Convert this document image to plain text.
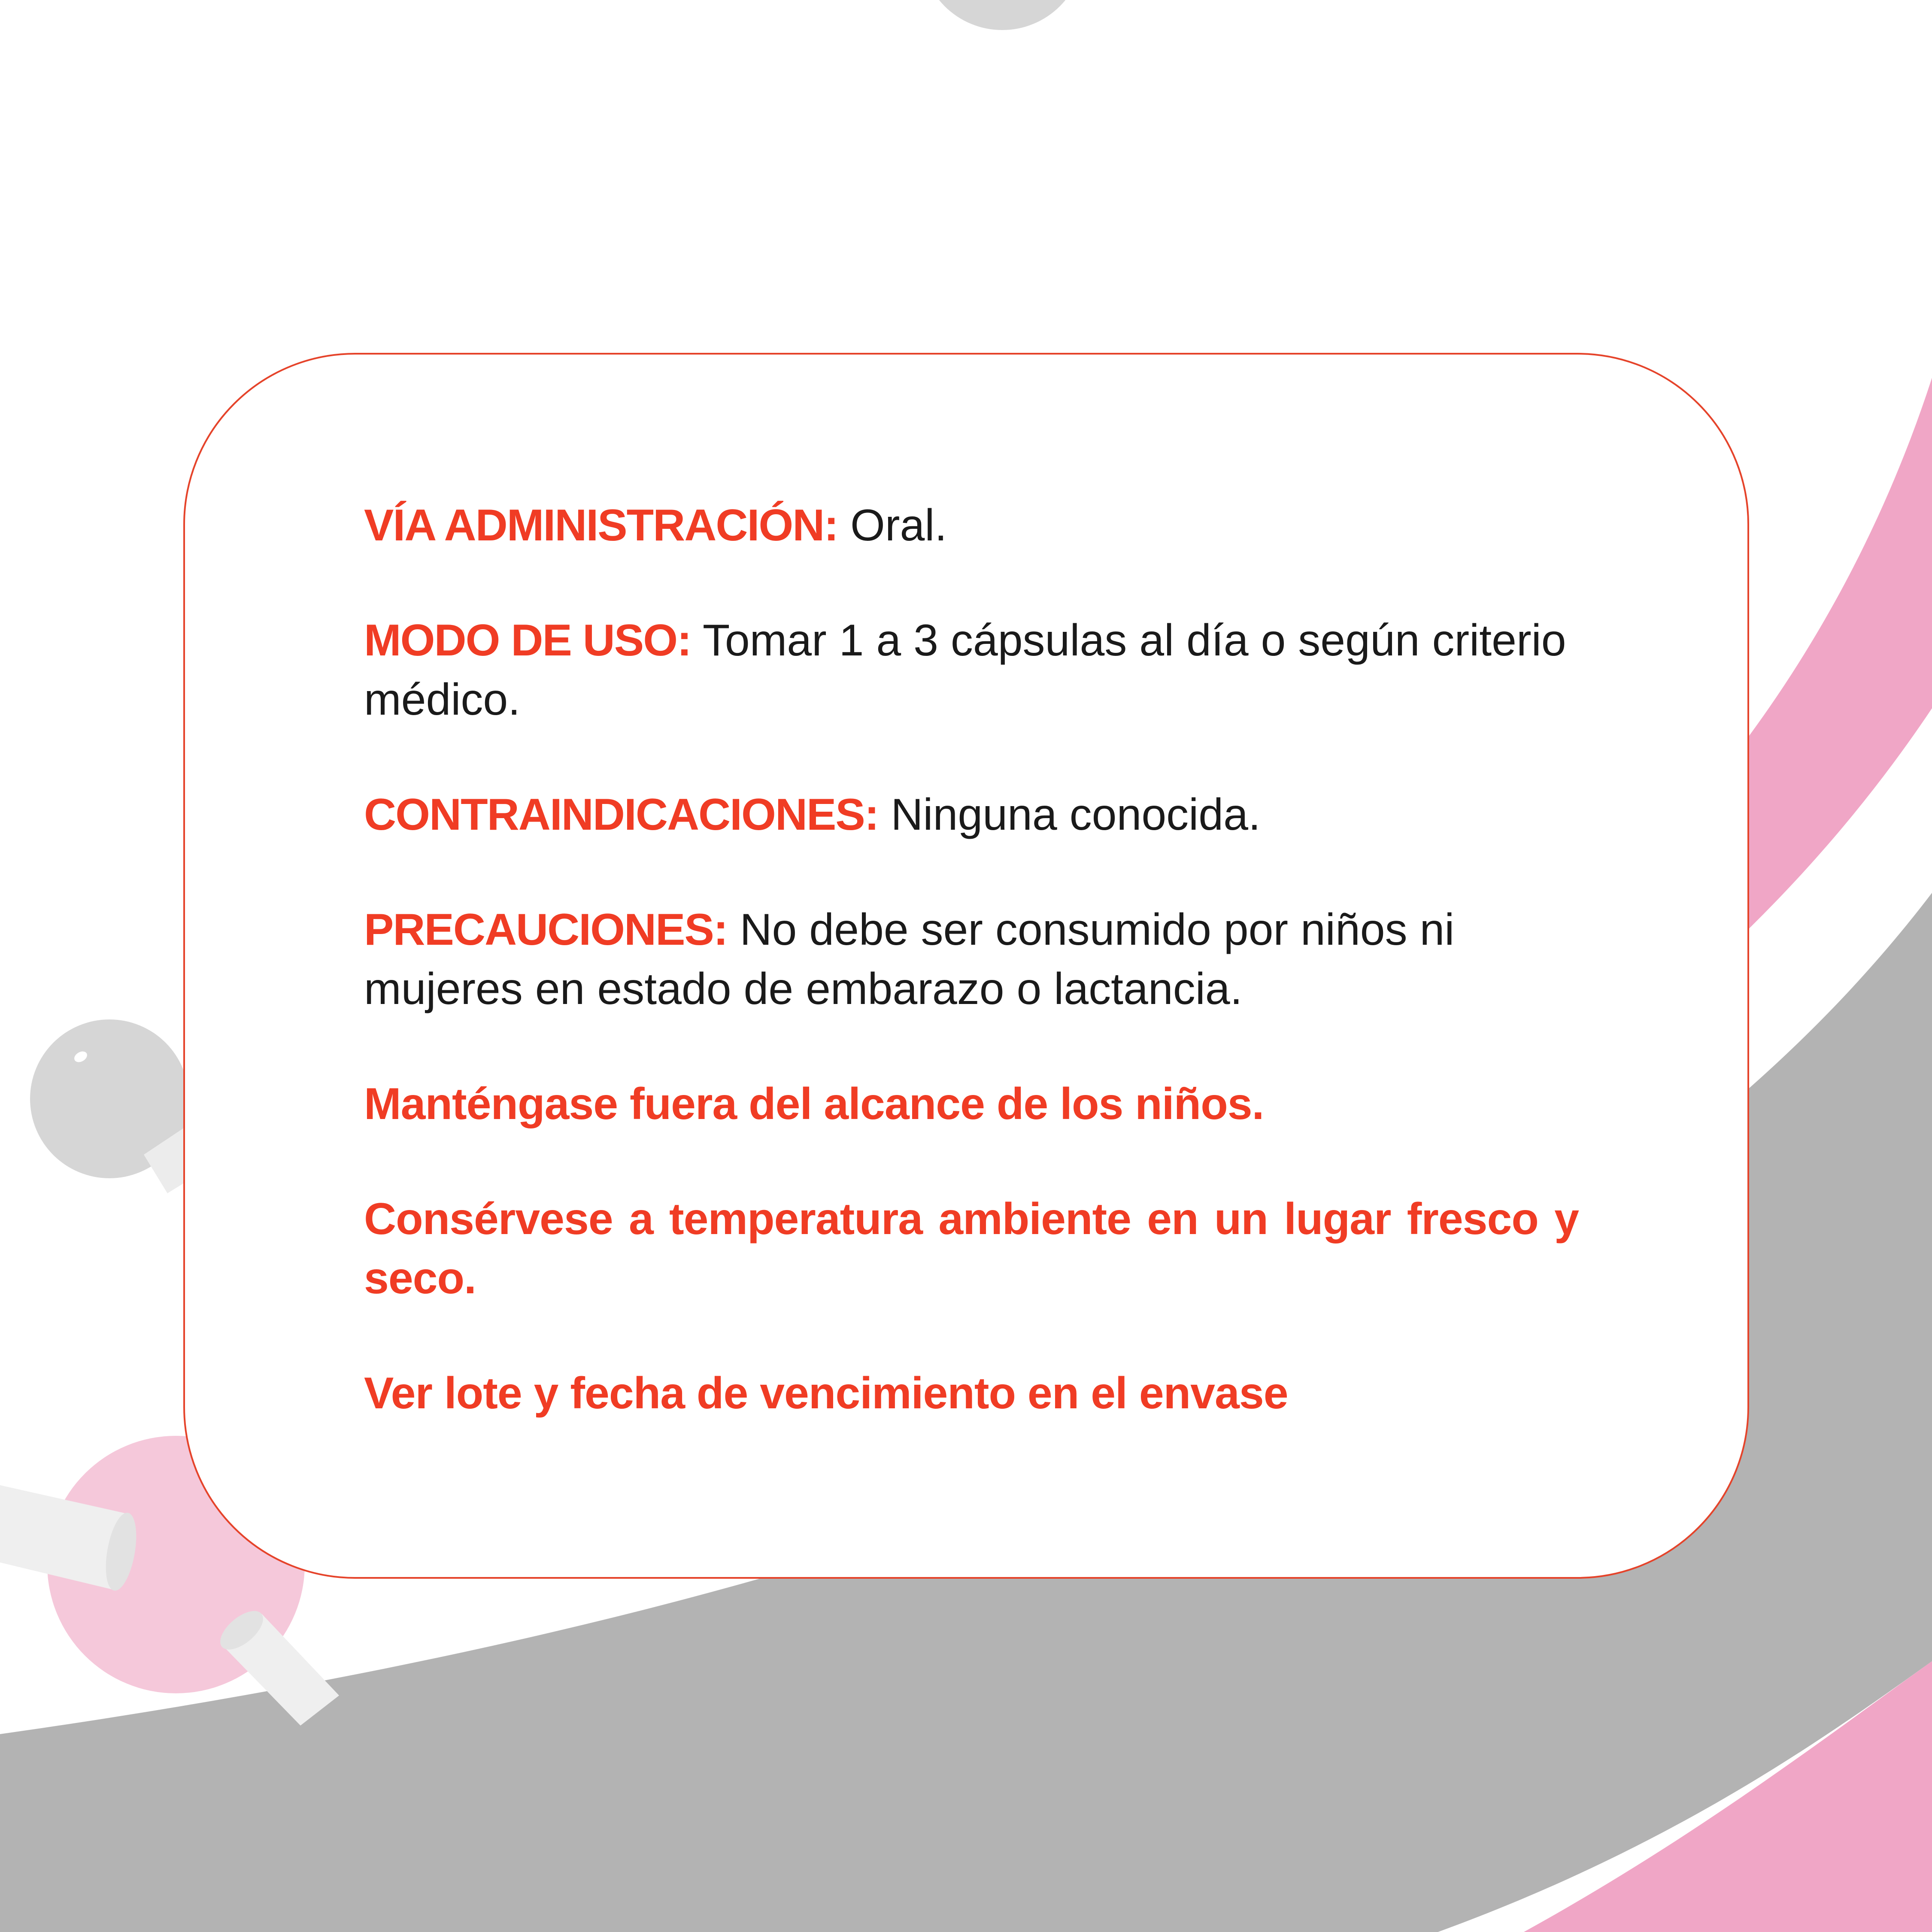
VÍA ADMINISTRACIÓN: Oral.

MODO DE USO: Tomar 1 a 3 cápsulas al día o según criterio médico.

CONTRAINDICACIONES: Ninguna conocida.

PRECAUCIONES: No debe ser consumido por niños ni mujeres en estado de embarazo o lactancia.

Manténgase fuera del alcance de los niños.

Consérvese a temperatura ambiente en un lugar fresco y seco.

Ver lote y fecha de vencimiento en el envase
